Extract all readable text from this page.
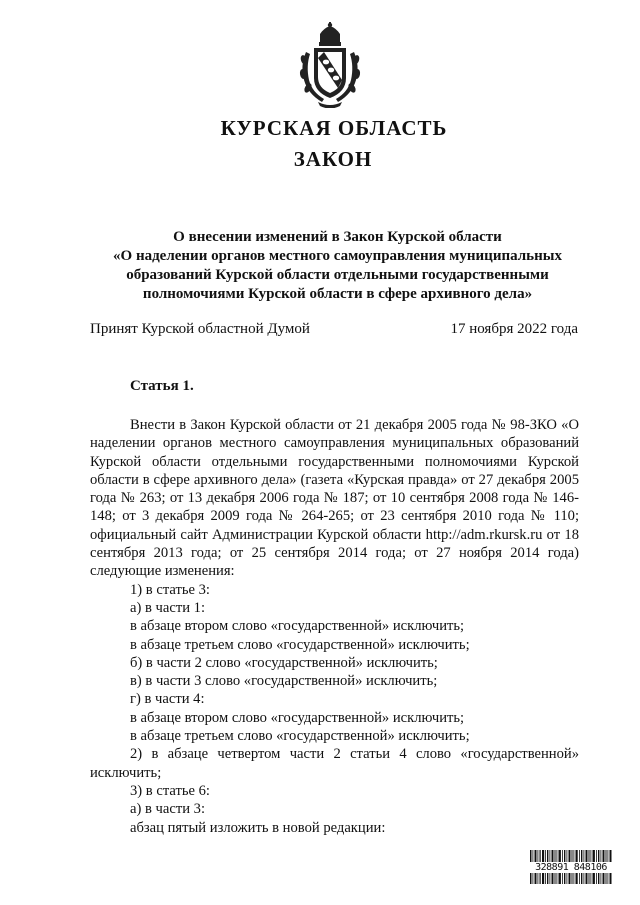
КУРСКАЯ ОБЛАСТЬ
ЗАКОН
О внесении изменений в Закон Курской области
«О наделении органов местного самоуправления муниципальных
образований Курской области отдельными государственными
полномочиями Курской области в сфере архивного дела»
Принят Курской областной Думой	17 ноября 2022 года
Статья 1.

Внести в Закон Курской области от 21 декабря 2005 года № 98-ЗКО «О наделении органов местного самоуправления муниципальных образований Курской области отдельными государственными полномочиями Курской области в сфере архивного дела» (газета «Курская правда» от 27 декабря 2005 года № 263; от 13 декабря 2006 года № 187; от 10 сентября 2008 года № 146-148; от 3 декабря 2009 года № 264-265; от 23 сентября 2010 года № 110; официальный сайт Администрации Курской области http://adm.rkursk.ru от 18 сентября 2013 года; от 25 сентября 2014 года; от 27 ноября 2014 года) следующие изменения:

1) в статье 3:

а) в части 1:

в абзаце втором слово «государственной» исключить;

в абзаце третьем слово «государственной» исключить;

б) в части 2 слово «государственной» исключить;

в) в части 3 слово «государственной» исключить;

г) в части 4:

в абзаце втором слово «государственной» исключить;

в абзаце третьем слово «государственной» исключить;

2) в абзаце четвертом части 2 статьи 4 слово «государственной» исключить;

3) в статье 6:

а) в части 3:

абзац пятый изложить в новой редакции:

328891 848106
